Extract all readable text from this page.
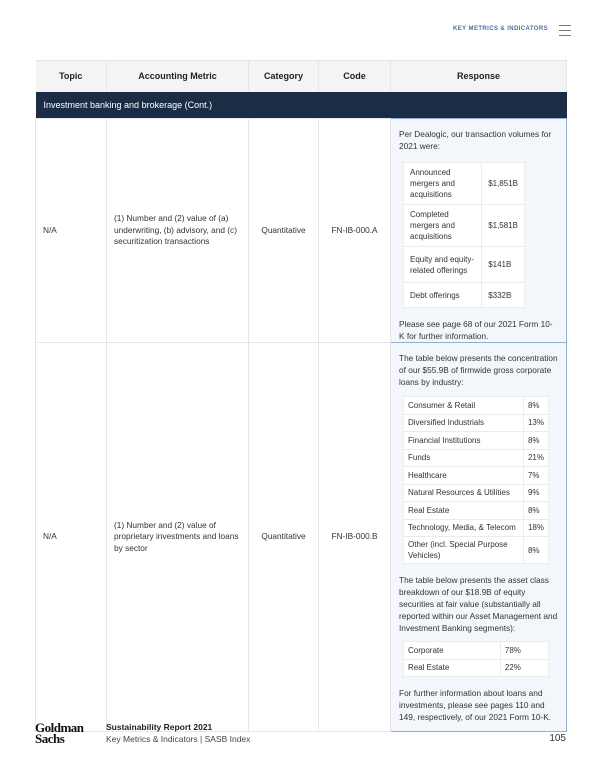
KEY METRICS & INDICATORS
Topic	Accounting Metric	Category	Code	Response
Investment banking and brokerage (Cont.)
N/A	(1) Number and (2) value of (a) underwriting, (b) advisory, and (c) securitization transactions	Quantitative	FN-IB-000.A	
Per Dealogic, our transaction volumes for 2021 were:
Announced mergers and acquisitions	$1,851B
Completed mergers and acquisitions	$1,581B
Equity and equity-related offerings	$141B
Debt offerings	$332B
Please see page 68 of our 2021 Form 10-K for further information.

N/A	(1) Number and (2) value of proprietary investments and loans by sector	Quantitative	FN-IB-000.B	
The table below presents the concentration of our $55.9B of firmwide gross corporate loans by industry:
Consumer & Retail	8%
Diversified Industrials	13%
Financial Institutions	8%
Funds	21%
Healthcare	7%
Natural Resources & Utilities	9%
Real Estate	8%
Technology, Media, & Telecom	18%
Other (incl. Special Purpose Vehicles)	8%
The table below presents the asset class breakdown of our $18.9B of equity securities at fair value (substantially all reported within our Asset Management and Investment Banking segments):
Corporate	78%
Real Estate	22%
For further information about loans and investments, please see pages 110 and 149, respectively, of our 2021 Form 10-K.
Goldman
Sachs
Sustainability Report 2021
Key Metrics & Indicators | SASB Index	105
